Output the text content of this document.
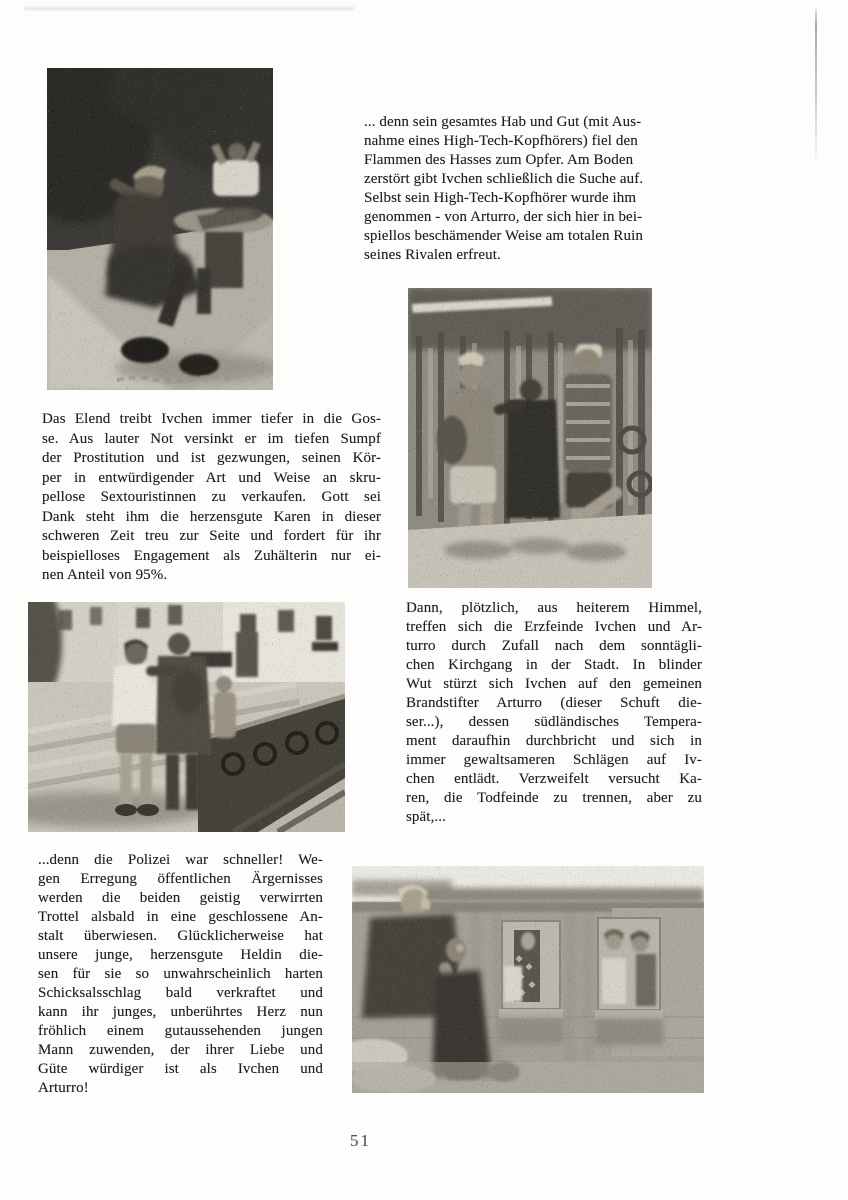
... denn sein gesamtes Hab und Gut (mit Aus-
nahme eines High-Tech-Kopfhörers) fiel den
Flammen des Hasses zum Opfer. Am Boden
zerstört gibt Ivchen schließlich die Suche auf.
Selbst sein High-Tech-Kopfhörer wurde ihm
genommen - von Arturro, der sich hier in bei-
spiellos beschämender Weise am totalen Ruin
seines Rivalen erfreut.
Das Elend treibt Ivchen immer tiefer in die Gos-
se. Aus lauter Not versinkt er im tiefen Sumpf
der Prostitution und ist gezwungen, seinen Kör-
per in entwürdigender Art und Weise an skru-
pellose Sextouristinnen zu verkaufen. Gott sei
Dank steht ihm die herzensgute Karen in dieser
schweren Zeit treu zur Seite und fordert für ihr
beispielloses Engagement als Zuhälterin nur ei-
nen Anteil von 95%.
Dann, plötzlich, aus heiterem Himmel,
treffen sich die Erzfeinde Ivchen und Ar-
turro durch Zufall nach dem sonntägli-
chen Kirchgang in der Stadt. In blinder
Wut stürzt sich Ivchen auf den gemeinen
Brandstifter Arturro (dieser Schuft die-
ser...), dessen südländisches Tempera-
ment daraufhin durchbricht und sich in
immer gewaltsameren Schlägen auf Iv-
chen entlädt. Verzweifelt versucht Ka-
ren, die Todfeinde zu trennen, aber zu
spät,...
...denn die Polizei war schneller! We-
gen Erregung öffentlichen Ärgernisses
werden die beiden geistig verwirrten
Trottel alsbald in eine geschlossene An-
stalt überwiesen. Glücklicherweise hat
unsere junge, herzensgute Heldin die-
sen für sie so unwahrscheinlich harten
Schicksalsschlag bald verkraftet und
kann ihr junges, unberührtes Herz nun
fröhlich einem gutaussehenden jungen
Mann zuwenden, der ihrer Liebe und
Güte würdiger ist als Ivchen und
Arturro!
51
